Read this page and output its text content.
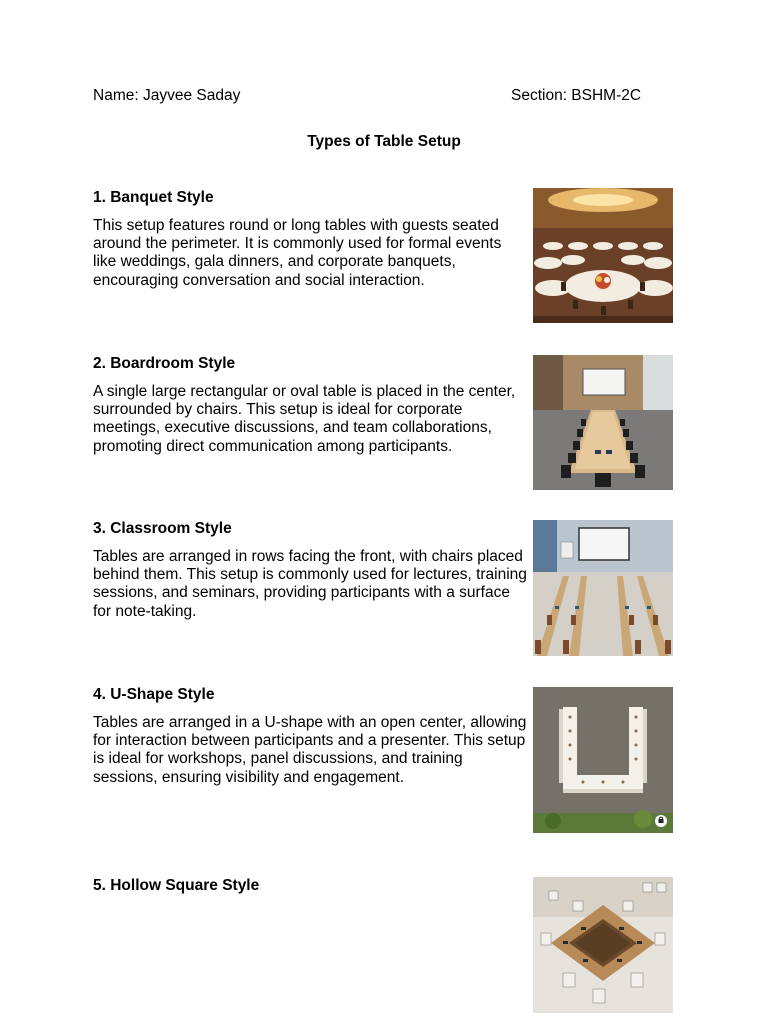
Name: Jayvee Saday	Section: BSHM-2C
Types of Table Setup

1. Banquet Style

This setup features round or long tables with guests seated around the perimeter. It is commonly used for formal events like weddings, gala dinners, and corporate banquets, encouraging conversation and social interaction.

2. Boardroom Style

A single large rectangular or oval table is placed in the center, surrounded by chairs. This setup is ideal for corporate meetings, executive discussions, and team collaborations, promoting direct communication among participants.

3. Classroom Style

Tables are arranged in rows facing the front, with chairs placed behind them. This setup is commonly used for lectures, training sessions, and seminars, providing participants with a surface for note-taking.

4. U-Shape Style

Tables are arranged in a U-shape with an open center, allowing for interaction between participants and a presenter. This setup is ideal for workshops, panel discussions, and training sessions, ensuring visibility and engagement.

5. Hollow Square Style
